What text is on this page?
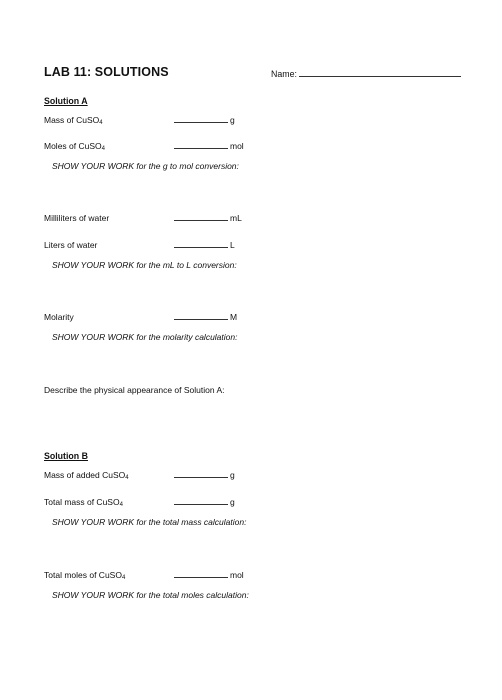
LAB 11: SOLUTIONS	Name:
Solution A
Mass of CuSO4	g
Moles of CuSO4	mol
SHOW YOUR WORK for the g to mol conversion:
Milliliters of water	mL
Liters of water	L
SHOW YOUR WORK for the mL to L conversion:
Molarity	M
SHOW YOUR WORK for the molarity calculation:
Describe the physical appearance of Solution A:
Solution B
Mass of added CuSO4	g
Total mass of CuSO4	g
SHOW YOUR WORK for the total mass calculation:
Total moles of CuSO4	mol
SHOW YOUR WORK for the total moles calculation:
